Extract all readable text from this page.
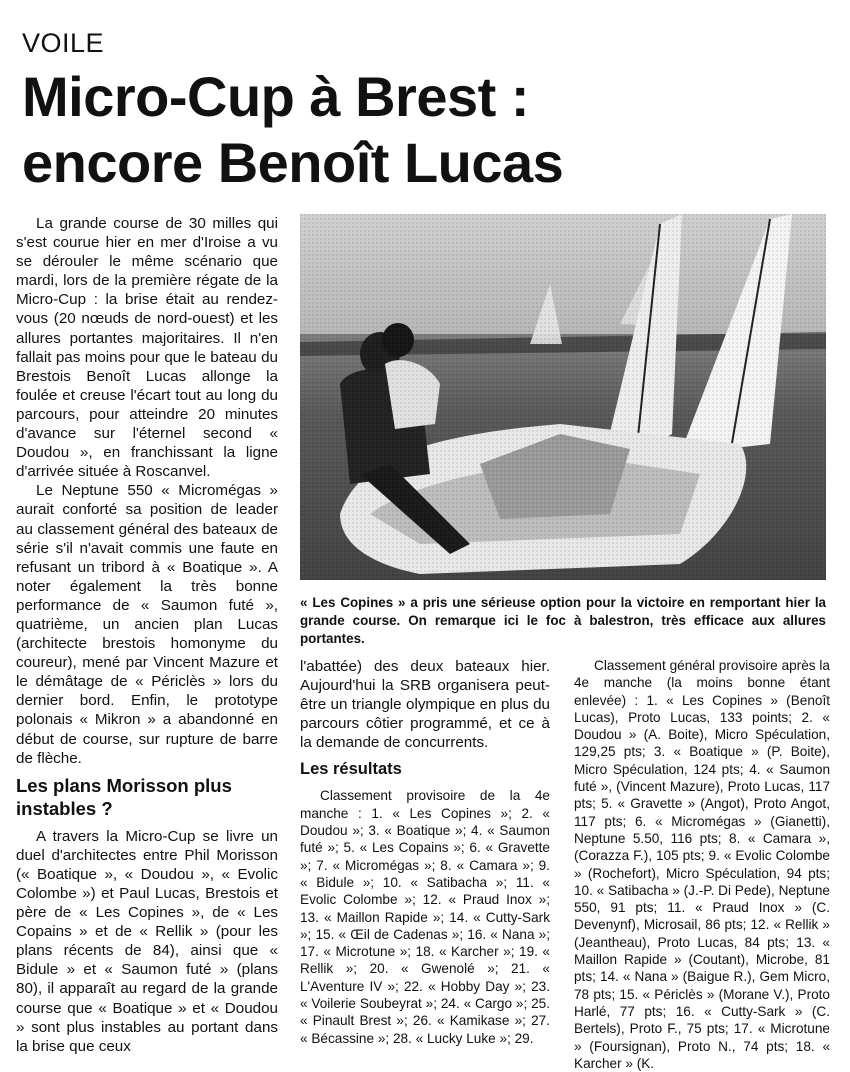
VOILE
Micro-Cup à Brest :
encore Benoît Lucas

La grande course de 30 milles qui s'est courue hier en mer d'Iroise a vu se dérouler le même scénario que mardi, lors de la première régate de la Micro-Cup : la brise était au rendez-vous (20 nœuds de nord-ouest) et les allures portantes majoritaires. Il n'en fallait pas moins pour que le bateau du Brestois Benoît Lucas allonge la foulée et creuse l'écart tout au long du parcours, pour atteindre 20 minutes d'avance sur l'éternel second « Doudou », en franchissant la ligne d'arrivée située à Roscanvel.

Le Neptune 550 « Micromégas » aurait conforté sa position de leader au classement général des bateaux de série s'il n'avait commis une faute en refusant un tribord à « Boatique ». A noter également la très bonne performance de « Saumon futé », quatrième, un ancien plan Lucas (architecte brestois homonyme du coureur), mené par Vincent Mazure et le démâtage de « Périclès » lors du dernier bord. Enfin, le prototype polonais « Mikron » a abandonné en début de course, sur rupture de barre de flèche.

Les plans Morisson plus instables ?

A travers la Micro-Cup se livre un duel d'architectes entre Phil Morisson (« Boatique », « Doudou », « Evolic Colombe ») et Paul Lucas, Brestois et père de « Les Copines », de « Les Copains » et de « Rellik » (pour les plans récents de 84), ainsi que « Bidule » et « Saumon futé » (plans 80), il apparaît au regard de la grande course que « Boatique » et « Doudou » sont plus instables au portant dans la brise que ceux

« Les Copines » a pris une sérieuse option pour la victoire en remportant hier la grande course. On remarque ici le foc à balestron, très efficace aux allures portantes.

l'abattée) des deux bateaux hier. Aujourd'hui la SRB organisera peut-être un triangle olympique en plus du parcours côtier programmé, et ce à la demande de concurrents.

Les résultats

Classement provisoire de la 4e manche : 1. « Les Copines »; 2. « Doudou »; 3. « Boatique »; 4. « Saumon futé »; 5. « Les Copains »; 6. « Gravette »; 7. « Micromégas »; 8. « Camara »; 9. « Bidule »; 10. « Satibacha »; 11. « Evolic Colombe »; 12. « Praud Inox »; 13. « Maillon Rapide »; 14. « Cutty-Sark »; 15. « Œil de Cadenas »; 16. « Nana »; 17. « Microtune »; 18. « Karcher »; 19. « Rellik »; 20. « Gwenolé »; 21. « L'Aventure IV »; 22. « Hobby Day »; 23. « Voilerie Soubeyrat »; 24. « Cargo »; 25. « Pinault Brest »; 26. « Kamikase »; 27. « Bécassine »; 28. « Lucky Luke »; 29.

Classement général provisoire après la 4e manche (la moins bonne étant enlevée) : 1. « Les Copines » (Benoît Lucas), Proto Lucas, 133 points; 2. « Doudou » (A. Boite), Micro Spéculation, 129,25 pts; 3. « Boatique » (P. Boite), Micro Spéculation, 124 pts; 4. « Saumon futé », (Vincent Mazure), Proto Lucas, 117 pts; 5. « Gravette » (Angot), Proto Angot, 117 pts; 6. « Micromégas » (Gianetti), Neptune 5.50, 116 pts; 8. « Camara », (Corazza F.), 105 pts; 9. « Evolic Colombe » (Rochefort), Micro Spéculation, 94 pts; 10. « Satibacha » (J.-P. Di Pede), Neptune 550, 91 pts; 11. « Praud Inox » (C. Devenynf), Microsail, 86 pts; 12. « Rellik » (Jeantheau), Proto Lucas, 84 pts; 13. « Maillon Rapide » (Coutant), Microbe, 81 pts; 14. « Nana » (Baigue R.), Gem Micro, 78 pts; 15. « Périclès » (Morane V.), Proto Harlé, 77 pts; 16. « Cutty-Sark » (C. Bertels), Proto F., 75 pts; 17. « Microtune » (Foursignan), Proto N., 74 pts; 18. « Karcher » (K.
